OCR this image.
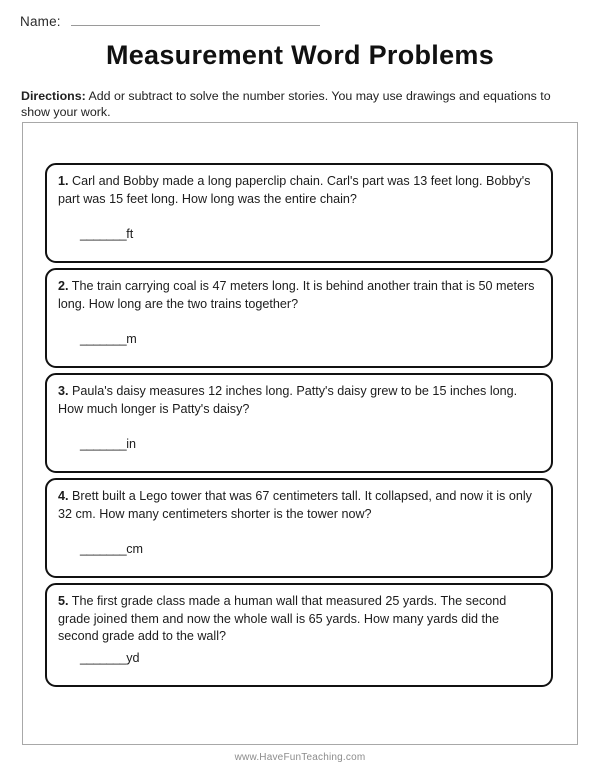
Name:
Measurement Word Problems
Directions: Add or subtract to solve the number stories. You may use drawings and equations to show your work.
1. Carl and Bobby made a long paperclip chain. Carl's part was 13 feet long. Bobby's part was 15 feet long. How long was the entire chain?

_______ft

2. The train carrying coal is 47 meters long. It is behind another train that is 50 meters long. How long are the two trains together?

_______m

3. Paula's daisy measures 12 inches long. Patty's daisy grew to be 15 inches long. How much longer is Patty's daisy?

_______in

4. Brett built a Lego tower that was 67 centimeters tall. It collapsed, and now it is only 32 cm. How many centimeters shorter is the tower now?

_______cm

5. The first grade class made a human wall that measured 25 yards. The second grade joined them and now the whole wall is 65 yards. How many yards did the second grade add to the wall?

_______yd

www.HaveFunTeaching.com
